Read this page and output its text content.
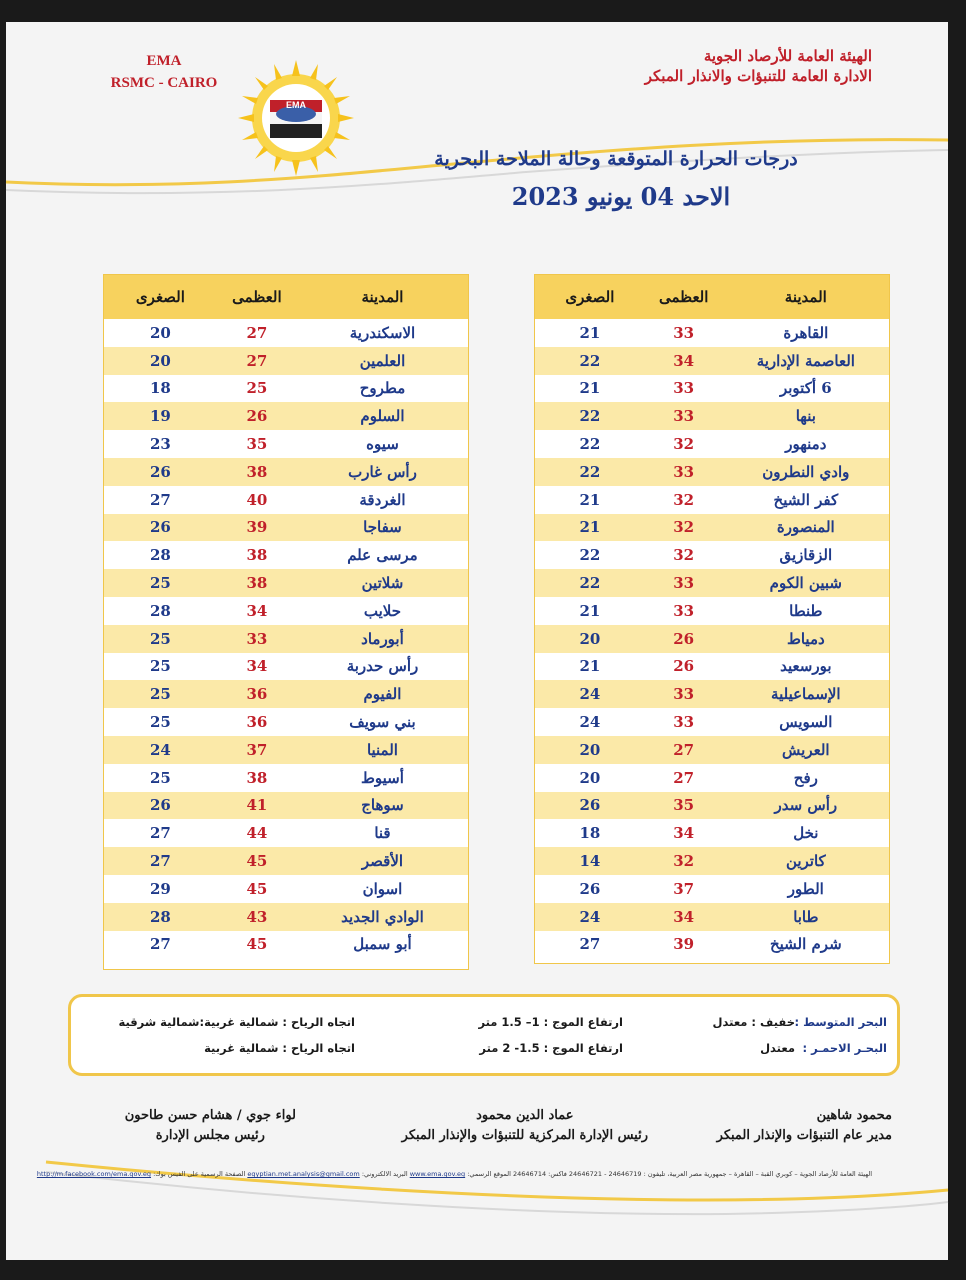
الهيئة العامة للأرصاد الجوية
الادارة العامة للتنبؤات والانذار المبكر
EMA
RSMC - CAIRO
EMA
درجات الحرارة المتوقعة وحالة الملاحة البحرية
الاحد 04 يونيو 2023
المدينة
العظمى
الصغرى
الاسكندرية
27
20
العلمين
27
20
مطروح
25
18
السلوم
26
19
سيوه
35
23
رأس غارب
38
26
الغردقة
40
27
سفاجا
39
26
مرسى علم
38
28
شلاتين
38
25
حلايب
34
28
أبورماد
33
25
رأس حدربة
34
25
الفيوم
36
25
بني سويف
36
25
المنيا
37
24
أسيوط
38
25
سوهاج
41
26
قنا
44
27
الأقصر
45
27
اسوان
45
29
الوادي الجديد
43
28
أبو سمبل
45
27
المدينة
العظمى
الصغرى
القاهرة
33
21
العاصمة الإدارية
34
22
6 أكتوبر
33
21
بنها
33
22
دمنهور
32
22
وادي النطرون
33
22
كفر الشيخ
32
21
المنصورة
32
21
الزقازيق
32
22
شبين الكوم
33
22
طنطا
33
21
دمياط
26
20
بورسعيد
26
21
الإسماعيلية
33
24
السويس
33
24
العريش
27
20
رفح
27
20
رأس سدر
35
26
نخل
34
18
كاترين
32
14
الطور
37
26
طابا
34
24
شرم الشيخ
39
27
البحر المتوسط :
خفيف : معتدل
ارتفاع الموج : 1– 1.5 متر
اتجاه الرياح : شمالية غربية:شمالية شرقية
البحـر الاحمـر :
معتدل
ارتفاع الموج : 1.5- 2 متر
اتجاه الرياح : شمالية غربية
محمود شاهين
مدير عام التنبؤات والإنذار المبكر
عماد الدين محمود
رئيس الإدارة المركزية للتنبؤات والإنذار المبكر
لواء جوي / هشام حسن طاحون
رئيس مجلس الإدارة
الهيئة العامة للأرصاد الجوية – كوبري القبة – القاهرة – جمهورية مصر العربية، تليفون : 24646719 - 24646721 فاكس: 24646714 الموقع الرسمي: www.ema.gov.eg البريد الالكتروني: egyptian.met.analysis@gmail.com الصفحة الرسمية على الفيس بوك: http://m.facebook.com/ema.gov.eg
